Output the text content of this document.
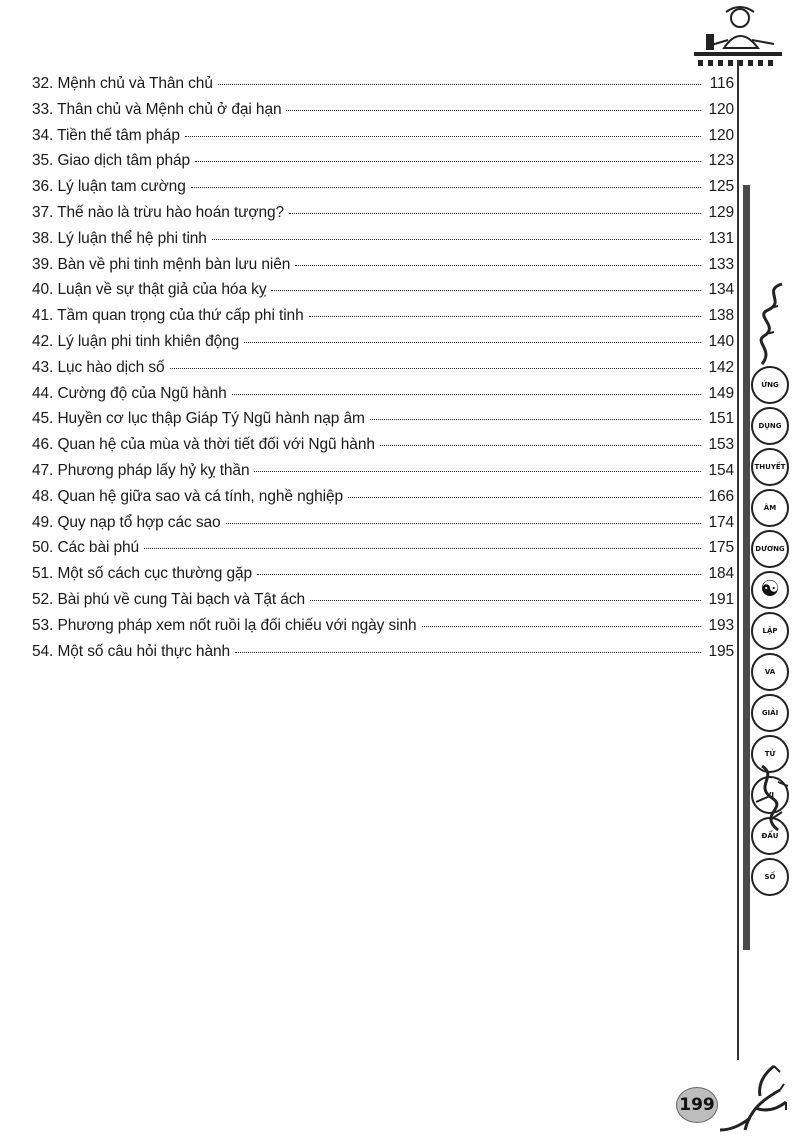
ỨNG
DỤNG
THUYẾT
ÂM
DƯƠNG
☯
LẬP
VÀ
GIẢI
TỬ
VI
ĐẨU
SỐ
32. Mệnh chủ và Thân chủ	116
33. Thân chủ và Mệnh chủ ở đại hạn	120
34. Tiền thế tâm pháp	120
35. Giao dịch tâm pháp	123
36. Lý luận tam cường	125
37. Thế nào là trừu hào hoán tượng?	129
38. Lý luận thể hệ phi tinh	131
39. Bàn về phi tinh mệnh bàn lưu niên	133
40. Luận về sự thật giả của hóa kỵ	134
41. Tầm quan trọng của thứ cấp phi tinh	138
42. Lý luận phi tinh khiên động	140
43. Lục hào dịch số	142
44. Cường độ của Ngũ hành	149
45. Huyền cơ lục thập Giáp Tý Ngũ hành nạp âm	151
46. Quan hệ của mùa và thời tiết đối với Ngũ hành	153
47. Phương pháp lấy hỷ kỵ thần	154
48. Quan hệ giữa sao và cá tính, nghề nghiệp	166
49. Quy nạp tổ hợp các sao	174
50. Các bài phú	175
51. Một số cách cục thường gặp	184
52. Bài phú về cung Tài bạch và Tật ách	191
53. Phương pháp xem nốt ruồi lạ đối chiếu với ngày sinh	193
54. Một số câu hỏi thực hành	195
199
